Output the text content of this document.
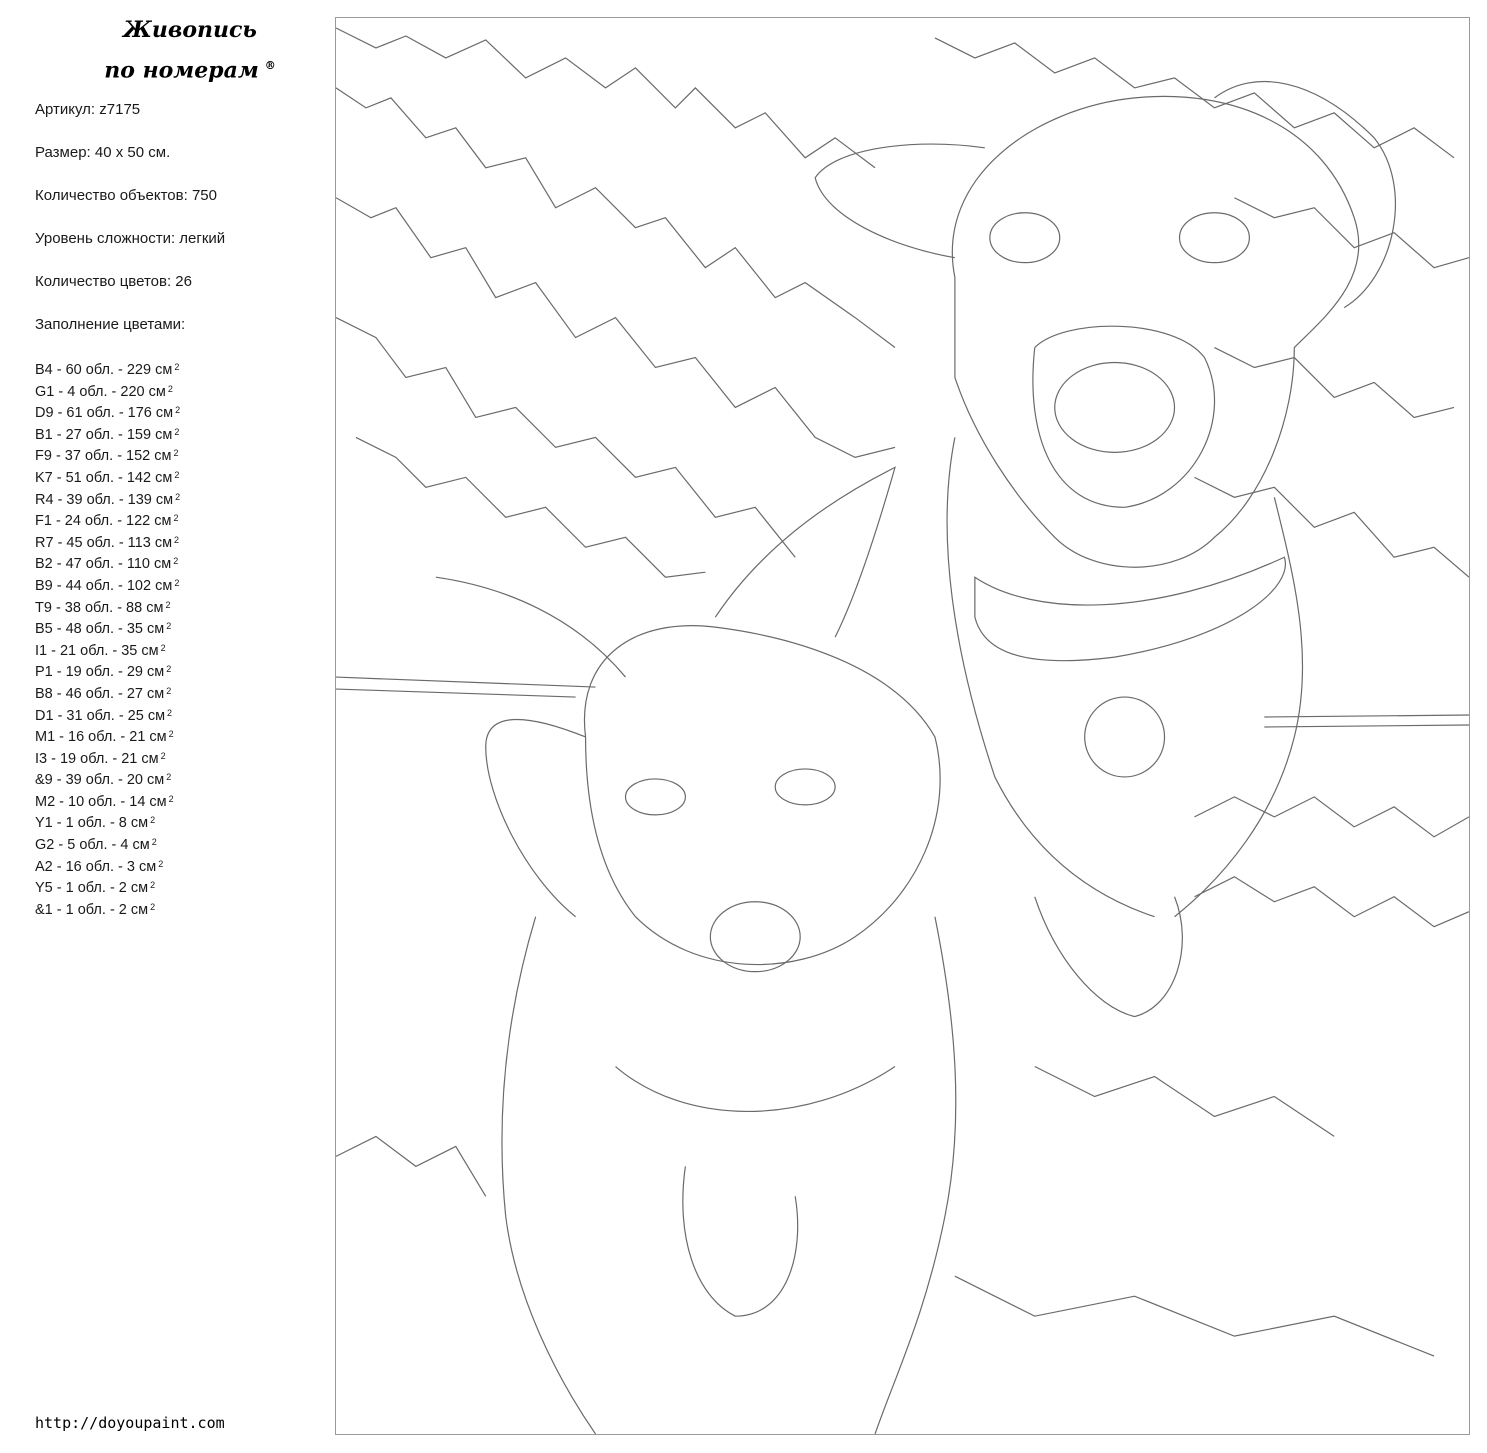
Живопись
по номерам ®
Артикул: z7175
Размер: 40 x 50 см.
Количество объектов: 750
Уровень сложности: легкий
Количество цветов: 26
Заполнение цветами:
B4 - 60 обл. - 229 см $^2$
G1 - 4 обл. - 220 см $^2$
D9 - 61 обл. - 176 см $^2$
B1 - 27 обл. - 159 см $^2$
F9 - 37 обл. - 152 см $^2$
K7 - 51 обл. - 142 см $^2$
R4 - 39 обл. - 139 см $^2$
F1 - 24 обл. - 122 см $^2$
R7 - 45 обл. - 113 см $^2$
B2 - 47 обл. - 110 см $^2$
B9 - 44 обл. - 102 см $^2$
T9 - 38 обл. - 88 см $^2$
B5 - 48 обл. - 35 см $^2$
I1 - 21 обл. - 35 см $^2$
P1 - 19 обл. - 29 см $^2$
B8 - 46 обл. - 27 см $^2$
D1 - 31 обл. - 25 см $^2$
M1 - 16 обл. - 21 см $^2$
I3 - 19 обл. - 21 см $^2$
&9 - 39 обл. - 20 см $^2$
M2 - 10 обл. - 14 см $^2$
Y1 - 1 обл. - 8 см $^2$
G2 - 5 обл. - 4 см $^2$
A2 - 16 обл. - 3 см $^2$
Y5 - 1 обл. - 2 см $^2$
&1 - 1 обл. - 2 см $^2$
http://doyoupaint.com
